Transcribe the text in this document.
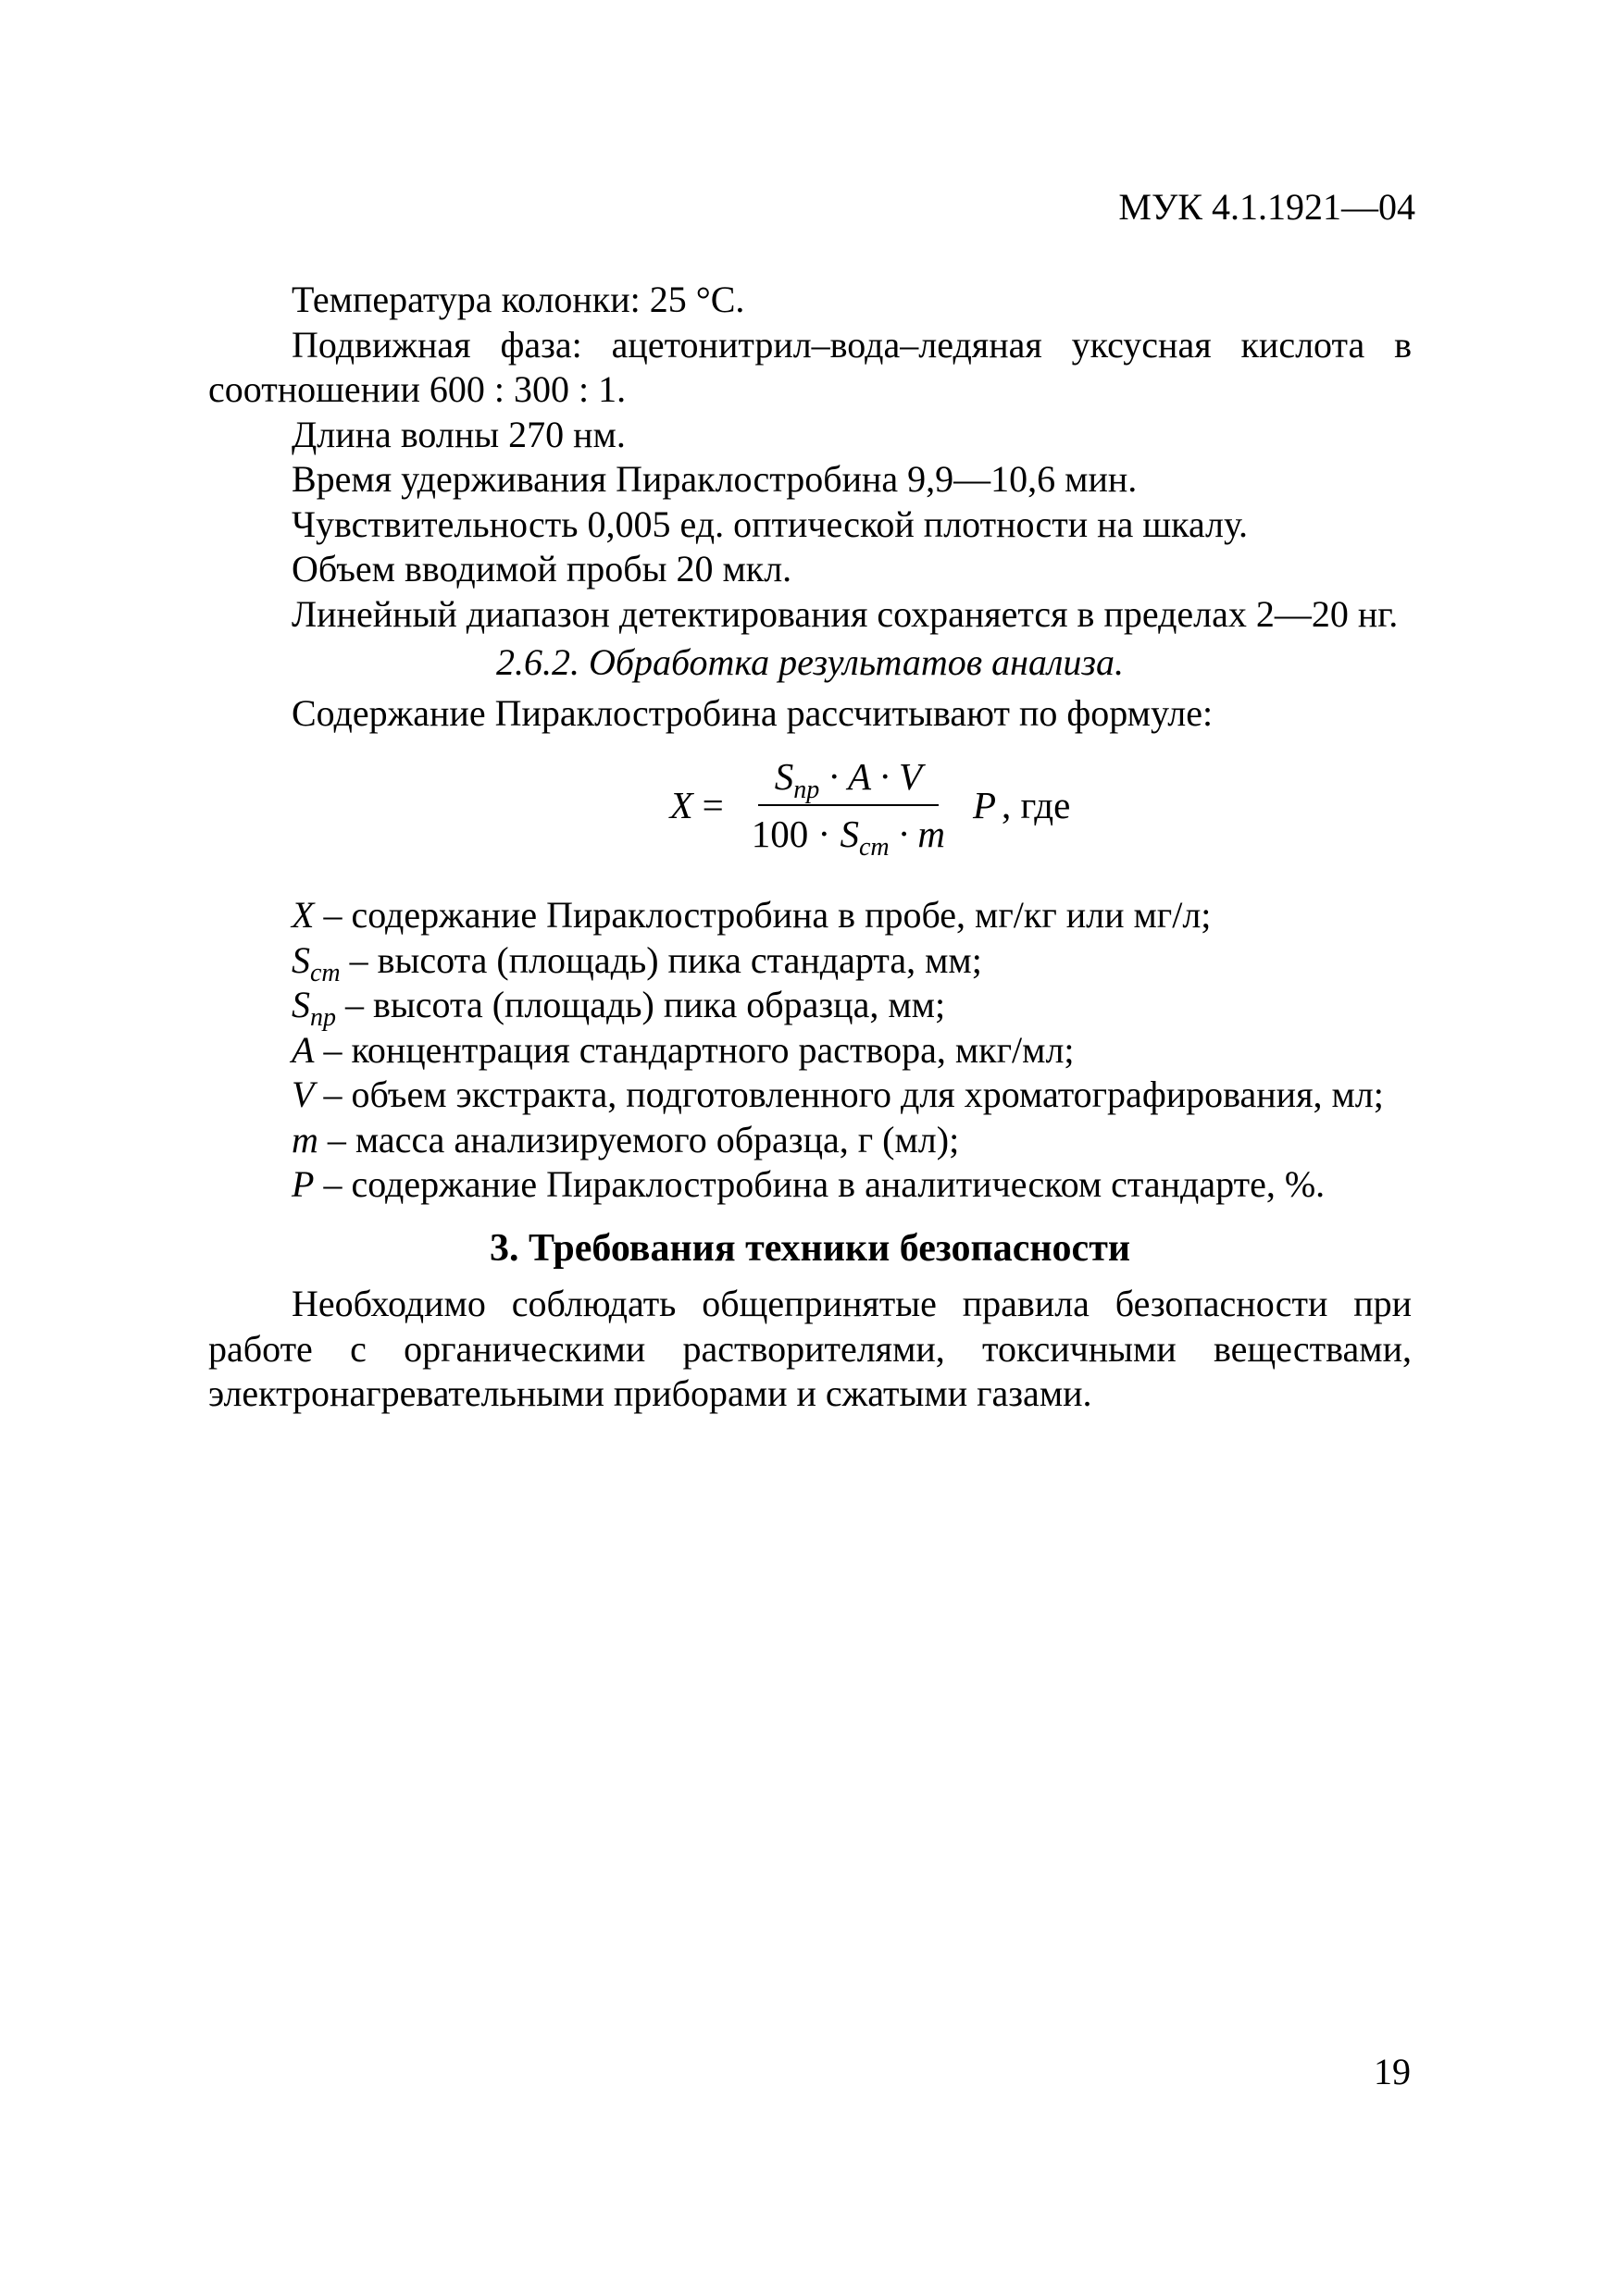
МУК 4.1.1921—04

Температура колонки: 25 °C.

Подвижная фаза: ацетонитрил–вода–ледяная уксусная кислота в соотношении 600 : 300 : 1.

Длина волны 270 нм.

Время удерживания Пираклостробина 9,9—10,6 мин.

Чувствительность 0,005 ед. оптической плотности на шкалу.

Объем вводимой пробы 20 мкл.

Линейный диапазон детектирования сохраняется в пределах 2—20 нг.

2.6.2. Обработка результатов анализа.

Содержание Пираклостробина рассчитывают по формуле:

$X = \frac{S_{пр} \cdot A \cdot V}{100 \cdot S_{ст} \cdot m}$ P , где

X – содержание Пираклостробина в пробе, мг/кг или мг/л;

$S_{ст}$ – высота (площадь) пика стандарта, мм;

$S_{пр}$ – высота (площадь) пика образца, мм;

A – концентрация стандартного раствора, мкг/мл;

V – объем экстракта, подготовленного для хроматографирования, мл;

m – масса анализируемого образца, г (мл);

P – содержание Пираклостробина в аналитическом стандарте, %.

3. Требования техники безопасности

Необходимо соблюдать общепринятые правила безопасности при работе с органическими растворителями, токсичными веществами, электронагревательными приборами и сжатыми газами.

19
